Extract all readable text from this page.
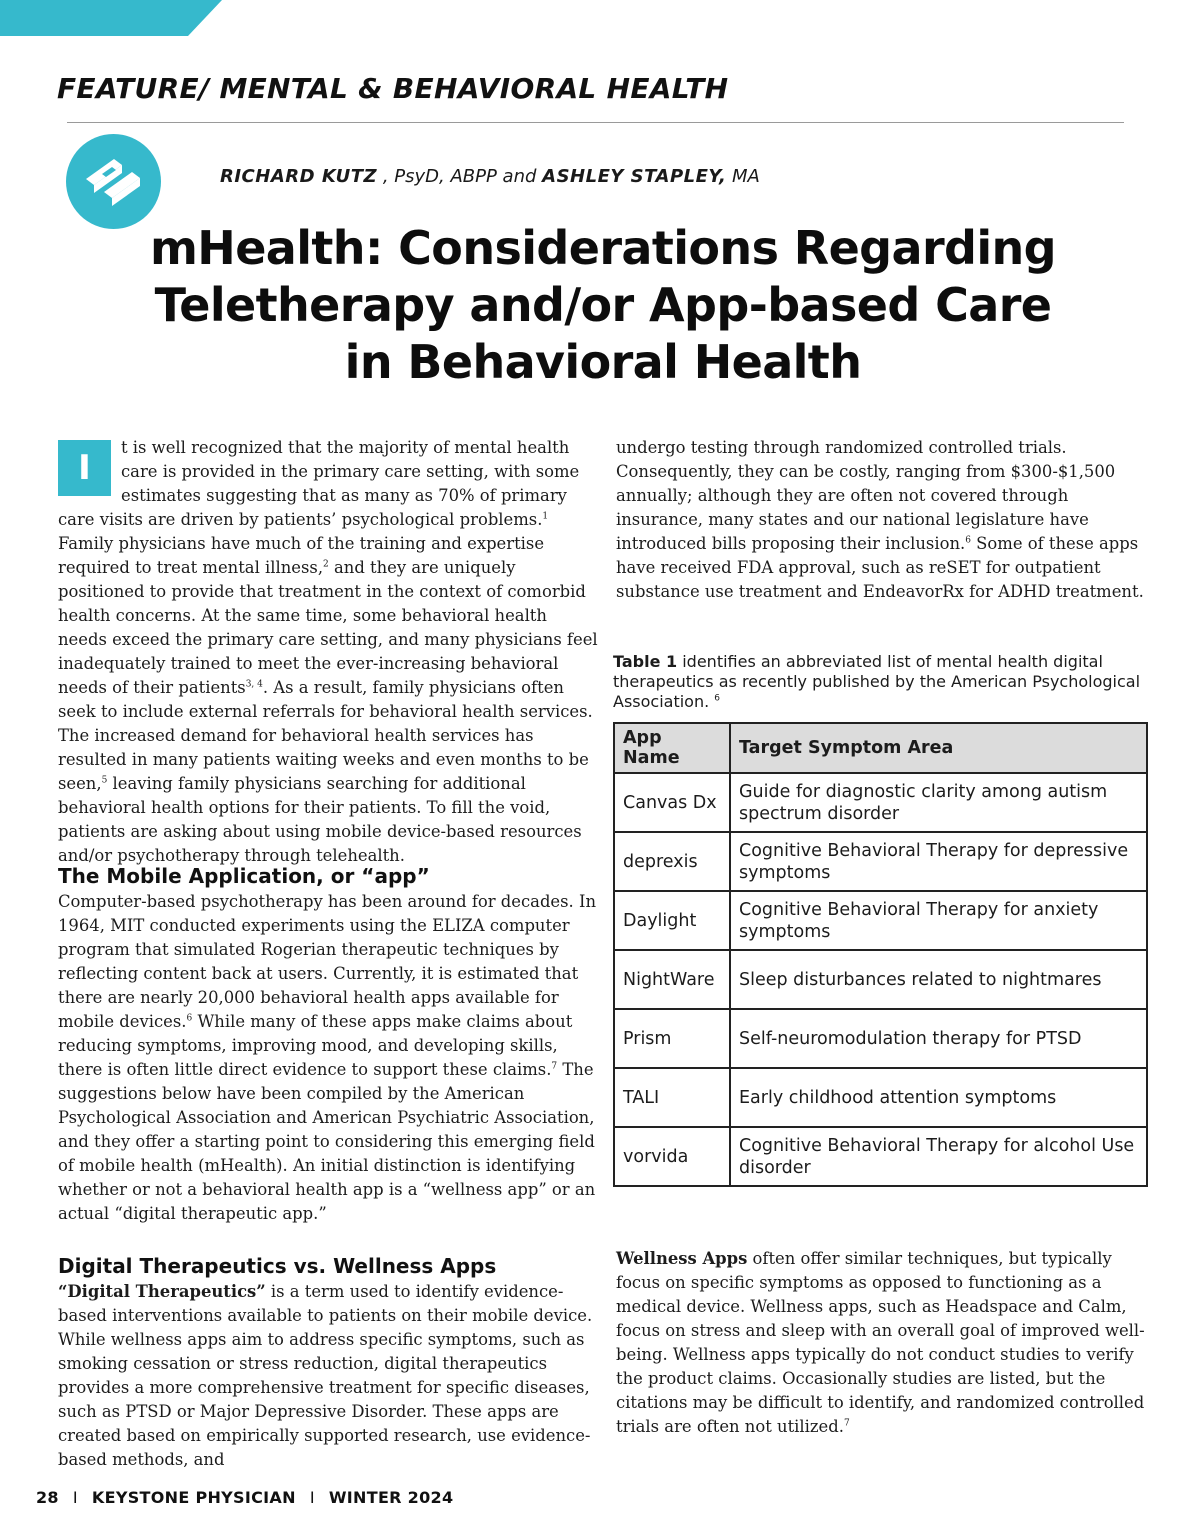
FEATURE/ MENTAL & BEHAVIORAL HEALTH
RICHARD KUTZ , PsyD, ABPP and ASHLEY STAPLEY, MA
mHealth: Considerations Regarding
Teletherapy and/or App-based Care
in Behavioral Health
I

t is well recognized that the majority of mental health care is provided in the primary care setting, with some estimates suggesting that as many as 70% of primary care visits are driven by patients’ psychological problems.$^1$ Family physicians have much of the training and expertise required to treat mental illness,$^2$ and they are uniquely positioned to provide that treatment in the context of comorbid health concerns. At the same time, some behavioral health needs exceed the primary care setting, and many physicians feel inadequately trained to meet the ever-increasing behavioral needs of their patients$^{3, 4}$. As a result, family physicians often seek to include external referrals for behavioral health services. The increased demand for behavioral health services has resulted in many patients waiting weeks and even months to be seen,$^5$ leaving family physicians searching for additional behavioral health options for their patients. To fill the void, patients are asking about using mobile device-based resources and/or psychotherapy through telehealth.

The Mobile Application, or “app”

Computer-based psychotherapy has been around for decades. In 1964, MIT conducted experiments using the ELIZA computer program that simulated Rogerian therapeutic techniques by reflecting content back at users. Currently, it is estimated that there are nearly 20,000 behavioral health apps available for mobile devices.$^6$ While many of these apps make claims about reducing symptoms, improving mood, and developing skills, there is often little direct evidence to support these claims.$^7$ The suggestions below have been compiled by the American Psychological Association and American Psychiatric Association, and they offer a starting point to considering this emerging field of mobile health (mHealth). An initial distinction is identifying whether or not a behavioral health app is a “wellness app” or an actual “digital therapeutic app.”

Digital Therapeutics vs. Wellness Apps

“Digital Therapeutics” is a term used to identify evidence-based interventions available to patients on their mobile device. While wellness apps aim to address specific symptoms, such as smoking cessation or stress reduction, digital therapeutics provides a more comprehensive treatment for specific diseases, such as PTSD or Major Depressive Disorder. These apps are created based on empirically supported research, use evidence-based methods, and

undergo testing through randomized controlled trials. Consequently, they can be costly, ranging from $300-$1,500 annually; although they are often not covered through insurance, many states and our national legislature have introduced bills proposing their inclusion.$^6$ Some of these apps have received FDA approval, such as reSET for outpatient substance use treatment and EndeavorRx for ADHD treatment.

Table 1 identifies an abbreviated list of mental health digital therapeutics as recently published by the American Psychological Association. $^6$

App Name	Target Symptom Area
Canvas Dx	Guide for diagnostic clarity among autism spectrum disorder
deprexis	Cognitive Behavioral Therapy for depressive symptoms
Daylight	Cognitive Behavioral Therapy for anxiety symptoms
NightWare	Sleep disturbances related to nightmares
Prism	Self-neuromodulation therapy for PTSD
TALI	Early childhood attention symptoms
vorvida	Cognitive Behavioral Therapy for alcohol Use disorder

Wellness Apps often offer similar techniques, but typically focus on specific symptoms as opposed to functioning as a medical device. Wellness apps, such as Headspace and Calm, focus on stress and sleep with an overall goal of improved well-being. Wellness apps typically do not conduct studies to verify the product claims. Occasionally studies are listed, but the citations may be difficult to identify, and randomized controlled trials are often not utilized.$^7$

28 I KEYSTONE PHYSICIAN I WINTER 2024
